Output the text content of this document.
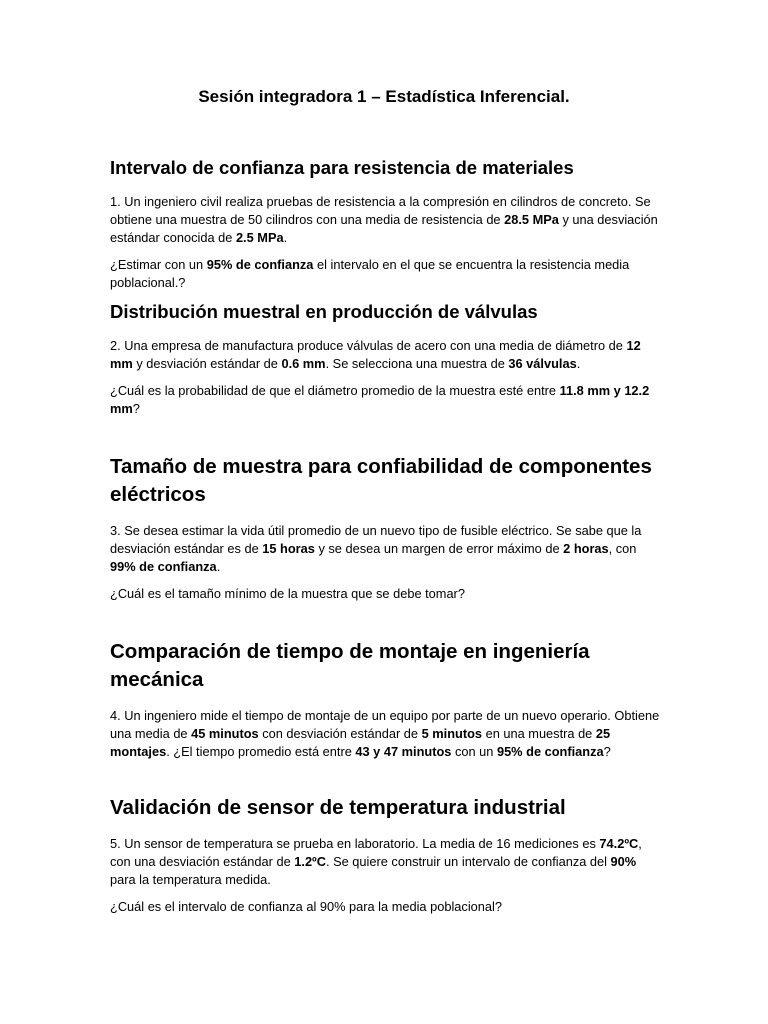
Sesión integradora 1 – Estadística Inferencial.
Intervalo de confianza para resistencia de materiales

1. Un ingeniero civil realiza pruebas de resistencia a la compresión en cilindros de concreto. Se obtiene una muestra de 50 cilindros con una media de resistencia de 28.5 MPa y una desviación estándar conocida de 2.5 MPa.

¿Estimar con un 95% de confianza el intervalo en el que se encuentra la resistencia media poblacional.?

Distribución muestral en producción de válvulas

2. Una empresa de manufactura produce válvulas de acero con una media de diámetro de 12 mm y desviación estándar de 0.6 mm. Se selecciona una muestra de 36 válvulas.

¿Cuál es la probabilidad de que el diámetro promedio de la muestra esté entre 11.8 mm y 12.2 mm?

Tamaño de muestra para confiabilidad de componentes eléctricos

3. Se desea estimar la vida útil promedio de un nuevo tipo de fusible eléctrico. Se sabe que la desviación estándar es de 15 horas y se desea un margen de error máximo de 2 horas, con 99% de confianza.

¿Cuál es el tamaño mínimo de la muestra que se debe tomar?

Comparación de tiempo de montaje en ingeniería mecánica

4. Un ingeniero mide el tiempo de montaje de un equipo por parte de un nuevo operario. Obtiene una media de 45 minutos con desviación estándar de 5 minutos en una muestra de 25 montajes. ¿El tiempo promedio está entre 43 y 47 minutos con un 95% de confianza?

Validación de sensor de temperatura industrial

5. Un sensor de temperatura se prueba en laboratorio. La media de 16 mediciones es 74.2ºC, con una desviación estándar de 1.2ºC. Se quiere construir un intervalo de confianza del 90% para la temperatura medida.

¿Cuál es el intervalo de confianza al 90% para la media poblacional?
